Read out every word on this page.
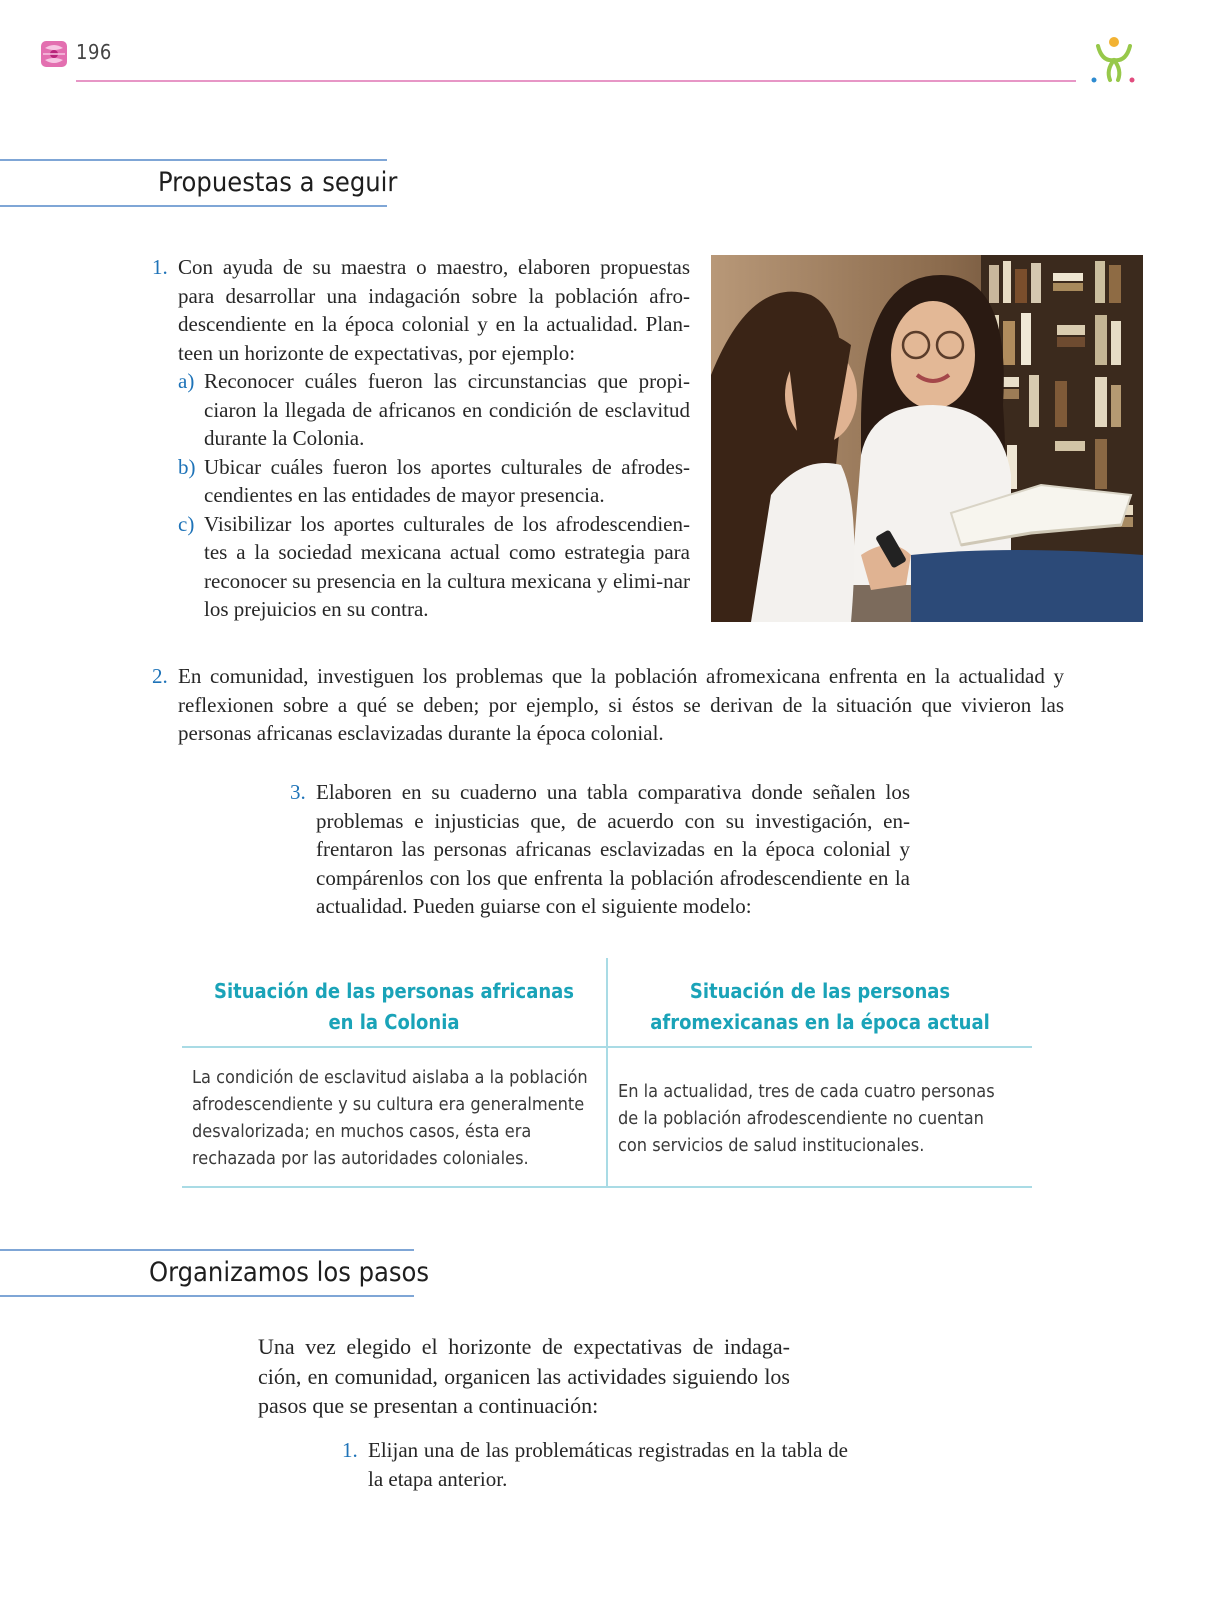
196
Propuestas a seguir
1. Con ayuda de su maestra o maestro, elaboren propuestas para desarrollar una indagación sobre la población afro-descendiente en la época colonial y en la actualidad. Plan-teen un horizonte de expectativas, por ejemplo:

a) Reconocer cuáles fueron las circunstancias que propi-ciaron la llegada de africanos en condición de esclavitud durante la Colonia.

b) Ubicar cuáles fueron los aportes culturales de afrodes-cendientes en las entidades de mayor presencia.

c) Visibilizar los aportes culturales de los afrodescendien-tes a la sociedad mexicana actual como estrategia para reconocer su presencia en la cultura mexicana y elimi-nar los prejuicios en su contra.

2. En comunidad, investiguen los problemas que la población afromexicana enfrenta en la actualidad y reflexionen sobre a qué se deben; por ejemplo, si éstos se derivan de la situación que vivieron las personas africanas esclavizadas durante la época colonial.

3. Elaboren en su cuaderno una tabla comparativa donde señalen los problemas e injusticias que, de acuerdo con su investigación, en-frentaron las personas africanas esclavizadas en la época colonial y compárenlos con los que enfrenta la población afrodescendiente en la actualidad. Pueden guiarse con el siguiente modelo:

Situación de las personas africanas en la Colonia
Situación de las personas afromexicanas en la época actual
La condición de esclavitud aislaba a la población afrodescendiente y su cultura era generalmente desvalorizada; en muchos casos, ésta era rechazada por las autoridades coloniales.
En la actualidad, tres de cada cuatro personas de la población afrodescendiente no cuentan con servicios de salud institucionales.
Organizamos los pasos
Una vez elegido el horizonte de expectativas de indaga-ción, en comunidad, organicen las actividades siguiendo los pasos que se presentan a continuación:
1. Elijan una de las problemáticas registradas en la tabla de la etapa anterior.
